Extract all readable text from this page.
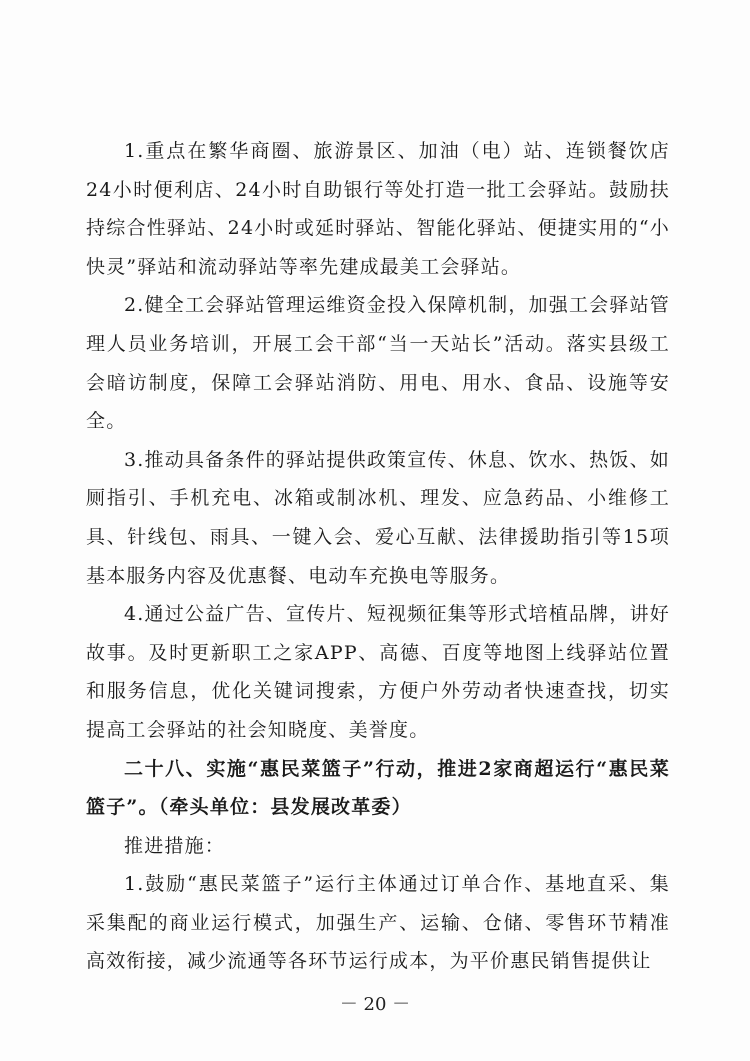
1.重点在繁华商圈、旅游景区、加油（电）站、连锁餐饮店24小时便利店、24小时自助银行等处打造一批工会驿站。鼓励扶持综合性驿站、24小时或延时驿站、智能化驿站、便捷实用的“小快灵”驿站和流动驿站等率先建成最美工会驿站。

2.健全工会驿站管理运维资金投入保障机制，加强工会驿站管理人员业务培训，开展工会干部“当一天站长”活动。落实县级工会暗访制度，保障工会驿站消防、用电、用水、食品、设施等安全。

3.推动具备条件的驿站提供政策宣传、休息、饮水、热饭、如厕指引、手机充电、冰箱或制冰机、理发、应急药品、小维修工具、针线包、雨具、一键入会、爱心互献、法律援助指引等15项基本服务内容及优惠餐、电动车充换电等服务。

4.通过公益广告、宣传片、短视频征集等形式培植品牌，讲好故事。及时更新职工之家APP、高德、百度等地图上线驿站位置和服务信息，优化关键词搜索，方便户外劳动者快速查找，切实提高工会驿站的社会知晓度、美誉度。

二十八、实施“惠民菜篮子”行动，推进2家商超运行“惠民菜篮子”。（牵头单位：县发展改革委）

推进措施：

1.鼓励“惠民菜篮子”运行主体通过订单合作、基地直采、集采集配的商业运行模式，加强生产、运输、仓储、零售环节精准高效衔接，减少流通等各环节运行成本，为平价惠民销售提供让

－ 20 －
